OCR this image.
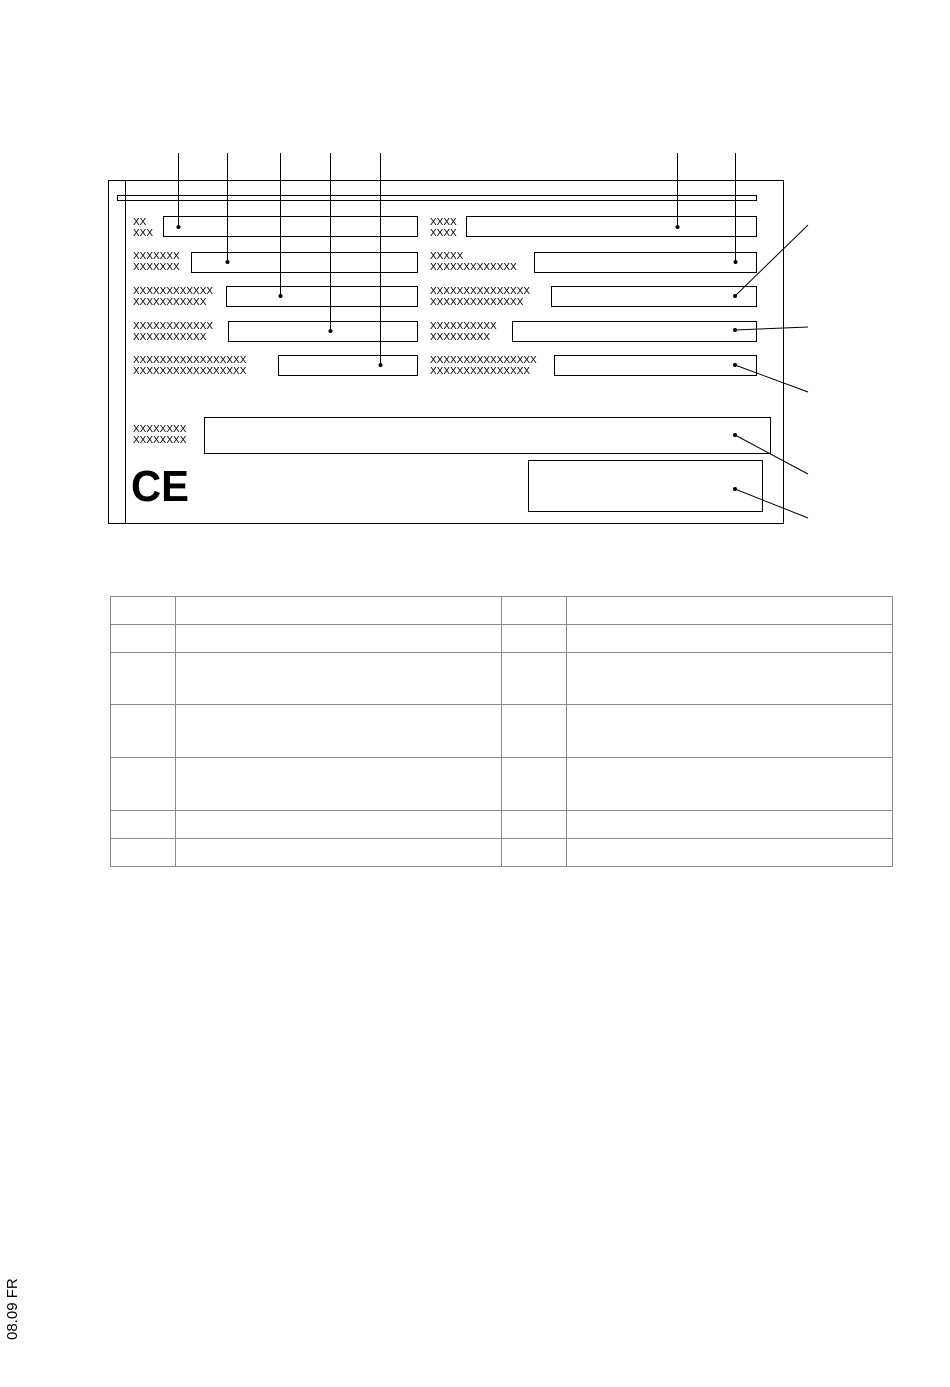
XX
XXX
XXXXXXX
XXXXXXX
XXXXXXXXXXXX
XXXXXXXXXXX
XXXXXXXXXXXX
XXXXXXXXXXX
XXXXXXXXXXXXXXXXX
XXXXXXXXXXXXXXXXX
XXXX
XXXX
XXXXX
XXXXXXXXXXXXX
XXXXXXXXXXXXXXX
XXXXXXXXXXXXXX
XXXXXXXXXX
XXXXXXXXX
XXXXXXXXXXXXXXXX
XXXXXXXXXXXXXXX
XXXXXXXX
XXXXXXXX
CE

08.09 FR
